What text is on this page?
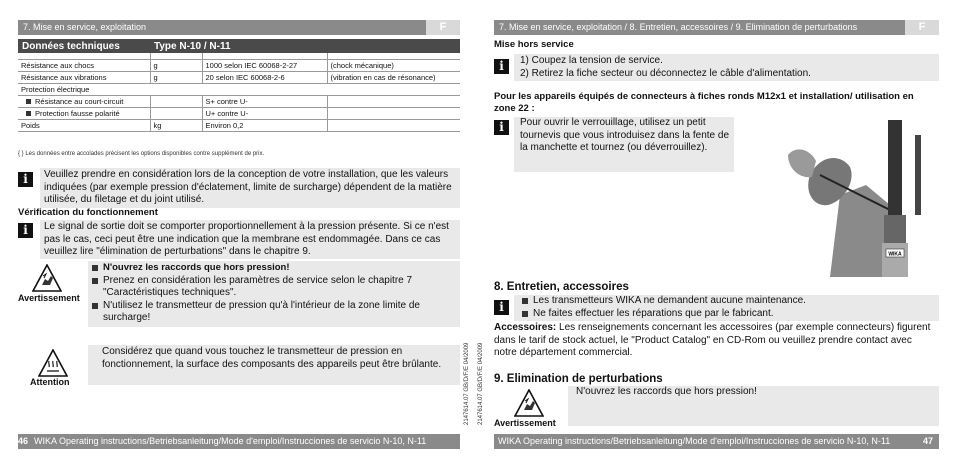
7. Mise en service, exploitation	F
Données techniques	Type N-10 / N-11		

Résistance aux chocs	g	1000 selon IEC 60068-2-27	(chock mécanique)
Résistance aux vibrations	g	20 selon IEC 60068-2-6	(vibration en cas de résonance)
Protection électrique			
Résistance au court-circuit		S+ contre U-	
Protection fausse polarité		U+ contre U-	
Poids	kg	Environ 0,2	
{ } Les données entre accolades précisent les options disponibles contre supplément de prix.
i	Veuillez prendre en considération lors de la conception de votre installation, que les valeurs indiquées (par exemple pression d'éclatement, limite de surcharge) dépendent de la matière utilisée, du filetage et du joint utilisé.
Vérification du fonctionnement
i	Le signal de sortie doit se comporter proportionnellement à la pression présente. Si ce n'est pas le cas, ceci peut être une indication que la membrane est endommagée. Dans ce cas veuillez lire "élimination de perturbations" dans le chapitre 9.
Avertissement
N'ouvrez les raccords que hors pression!
Prenez en considération les paramètres de service selon le chapitre 7 "Caractéristiques techniques".
N'utilisez le transmetteur de pression qu'à l'intérieur de la zone limite de surcharge!
Attention
Considérez que quand vous touchez le transmetteur de pression en fonctionnement, la surface des composants des appareils peut être brûlante.	2147614.07 GB/D/F/E 04/2009
46 WIKA Operating instructions/Betriebsanleitung/Mode d'emploi/Instrucciones de servicio N-10, N-11
2147614.07 GB/D/F/E 04/2009
7. Mise en service, exploitation / 8. Entretien, accessoires / 9. Elimination de perturbations	F
Mise hors service
i	1) Coupez la tension de service.
2) Retirez la fiche secteur ou déconnectez le câble d'alimentation.
Pour les appareils équipés de connecteurs à fiches ronds M12x1 et installation/ utilisation en zone 22 :
i	Pour ouvrir le verrouillage, utilisez un petit tournevis que vous introduisez dans la fente de la manchette et tournez (ou déverrouillez).
WIKA
8. Entretien, accessoires
i	Les transmetteurs WIKA ne demandent aucune maintenance.
Ne faites effectuer les réparations que par le fabricant.
Accessoires: Les renseignements concernant les accessoires (par exemple connecteurs) figurent dans le tarif de stock actuel, le "Product Catalog" en CD-Rom ou veuillez prendre contact avec notre département commercial.
9. Elimination de perturbations
Avertissement
N'ouvrez les raccords que hors pression!
WIKA Operating instructions/Betriebsanleitung/Mode d'emploi/Instrucciones de servicio N-10, N-11	47
